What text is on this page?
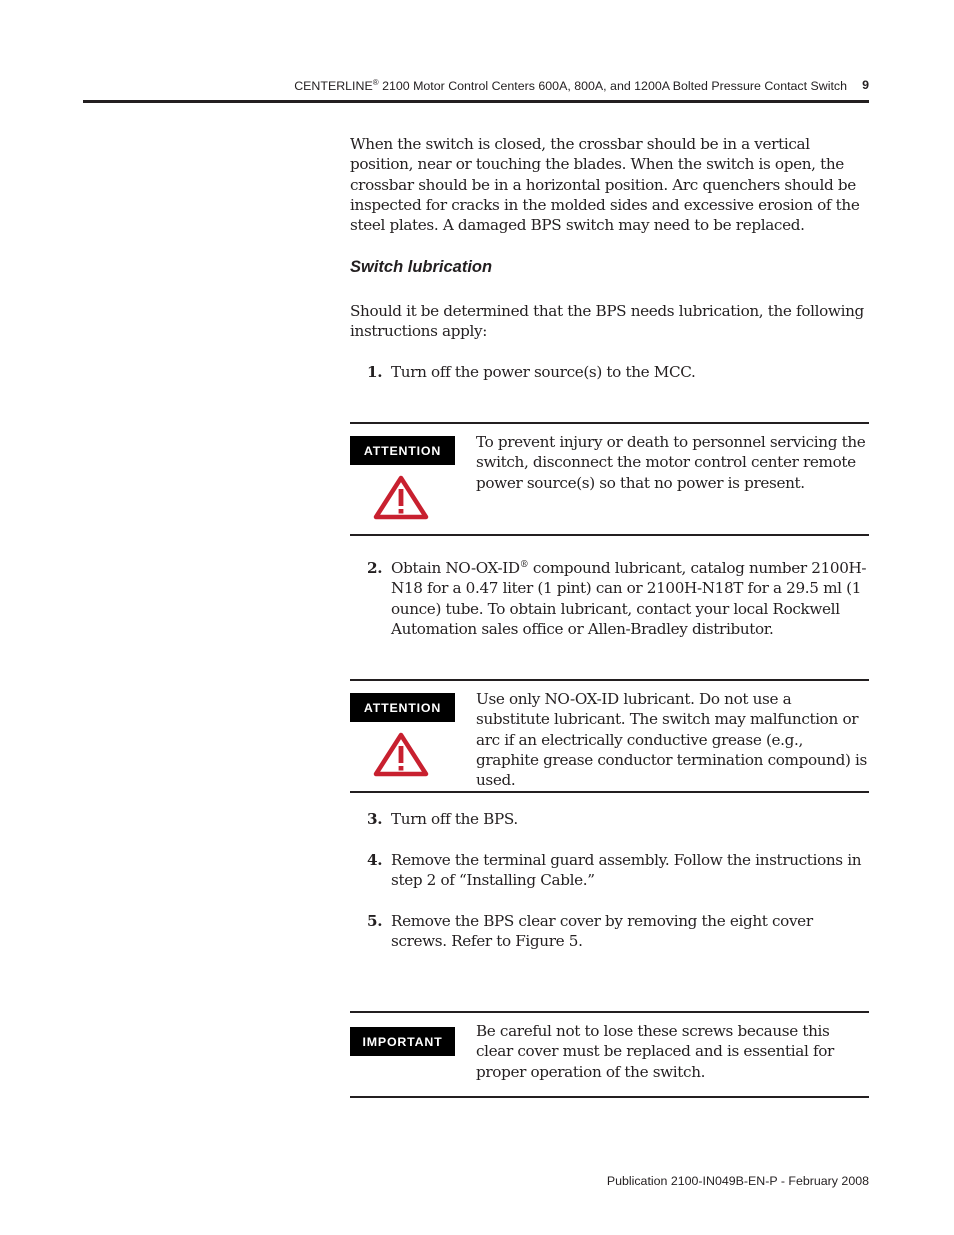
CENTERLINE® 2100 Motor Control Centers 600A, 800A, and 1200A Bolted Pressure Contact Switch 9

When the switch is closed, the crossbar should be in a vertical position, near or touching the blades. When the switch is open, the crossbar should be in a horizontal position. Arc quenchers should be inspected for cracks in the molded sides and excessive erosion of the steel plates. A damaged BPS switch may need to be replaced.

Switch lubrication

Should it be determined that the BPS needs lubrication, the following instructions apply:

1. Turn off the power source(s) to the MCC.
ATTENTION	To prevent injury or death to personnel servicing the switch, disconnect the motor control center remote power source(s) so that no power is present.
2. Obtain NO-OX-ID® compound lubricant, catalog number 2100H-N18 for a 0.47 liter (1 pint) can or 2100H-N18T for a 29.5 ml (1 ounce) tube. To obtain lubricant, contact your local Rockwell Automation sales office or Allen-Bradley distributor.
ATTENTION	Use only NO-OX-ID lubricant. Do not use a substitute lubricant. The switch may malfunction or arc if an electrically conductive grease (e.g., graphite grease conductor termination compound) is used.
3. Turn off the BPS.
4. Remove the terminal guard assembly. Follow the instructions in step 2 of “Installing Cable.”
5. Remove the BPS clear cover by removing the eight cover screws. Refer to Figure 5.
IMPORTANT
Be careful not to lose these screws because this clear cover must be replaced and is essential for proper operation of the switch.
Publication 2100-IN049B-EN-P - February 2008
